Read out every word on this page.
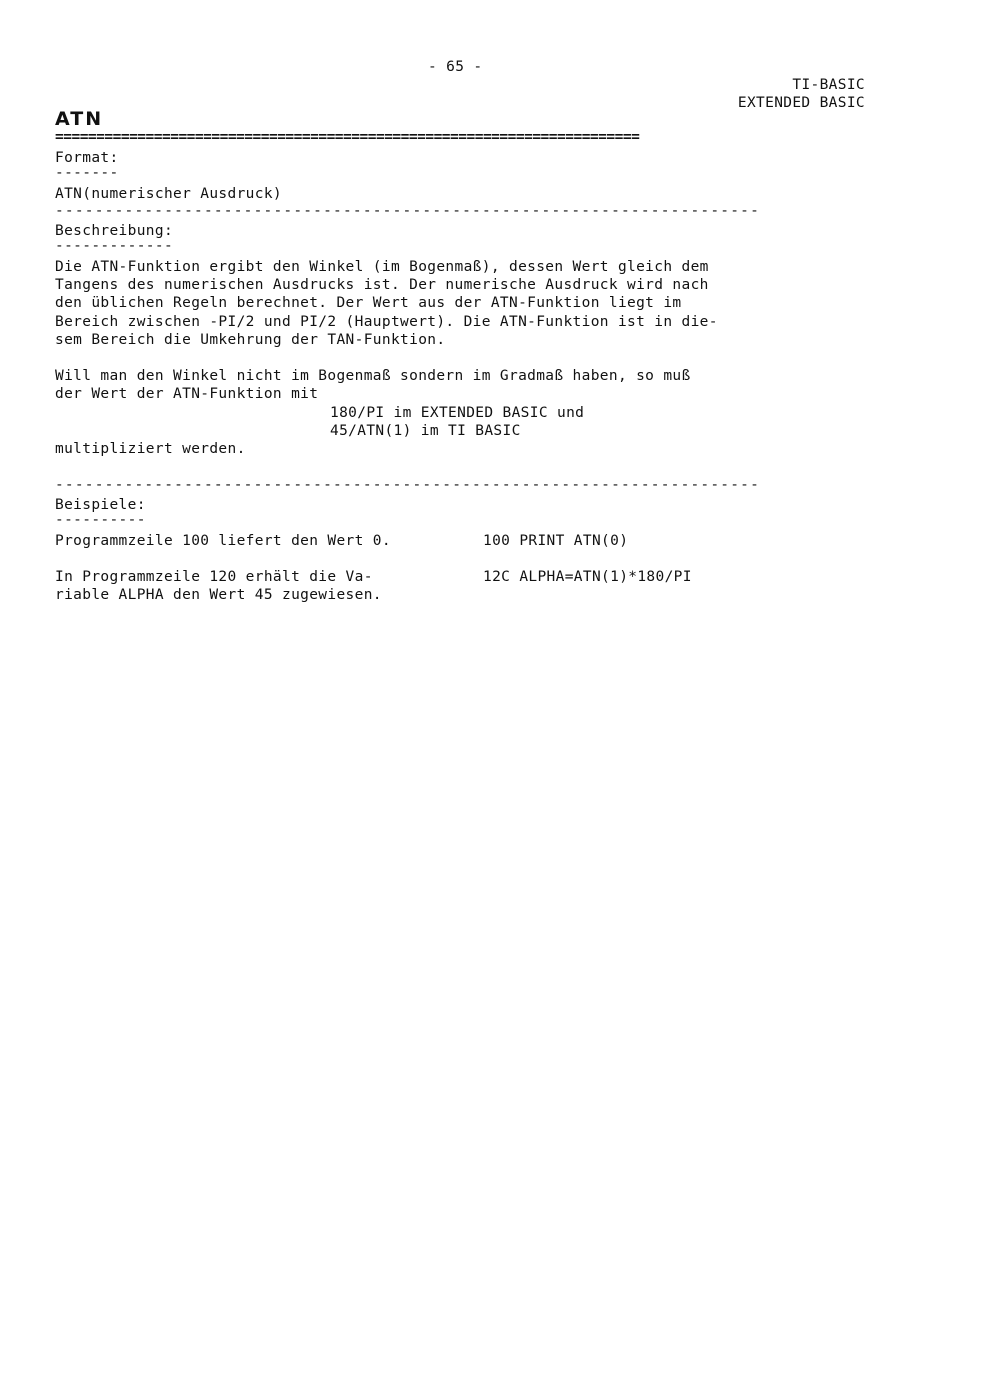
- 65 -
TI-BASIC
EXTENDED BASIC
ATN
=======================================================================
Format:
-------
ATN(numerischer Ausdruck)
-----------------------------------------------------------------------
Beschreibung:
-------------
Die ATN-Funktion ergibt den Winkel (im Bogenmaß), dessen Wert gleich dem
Tangens des numerischen Ausdrucks ist. Der numerische Ausdruck wird nach
den üblichen Regeln berechnet. Der Wert aus der ATN-Funktion liegt im
Bereich zwischen -PI/2 und PI/2 (Hauptwert). Die ATN-Funktion ist in die-
sem Bereich die Umkehrung der TAN-Funktion.
Will man den Winkel nicht im Bogenmaß sondern im Gradmaß haben, so muß
der Wert der ATN-Funktion mit
180/PI im EXTENDED BASIC und
45/ATN(1) im TI BASIC
multipliziert werden.
-----------------------------------------------------------------------
Beispiele:
----------
Programmzeile 100 liefert den Wert 0.	100 PRINT ATN(0)
In Programmzeile 120 erhält die Va-
riable ALPHA den Wert 45 zugewiesen.
12C ALPHA=ATN(1)*180/PI
